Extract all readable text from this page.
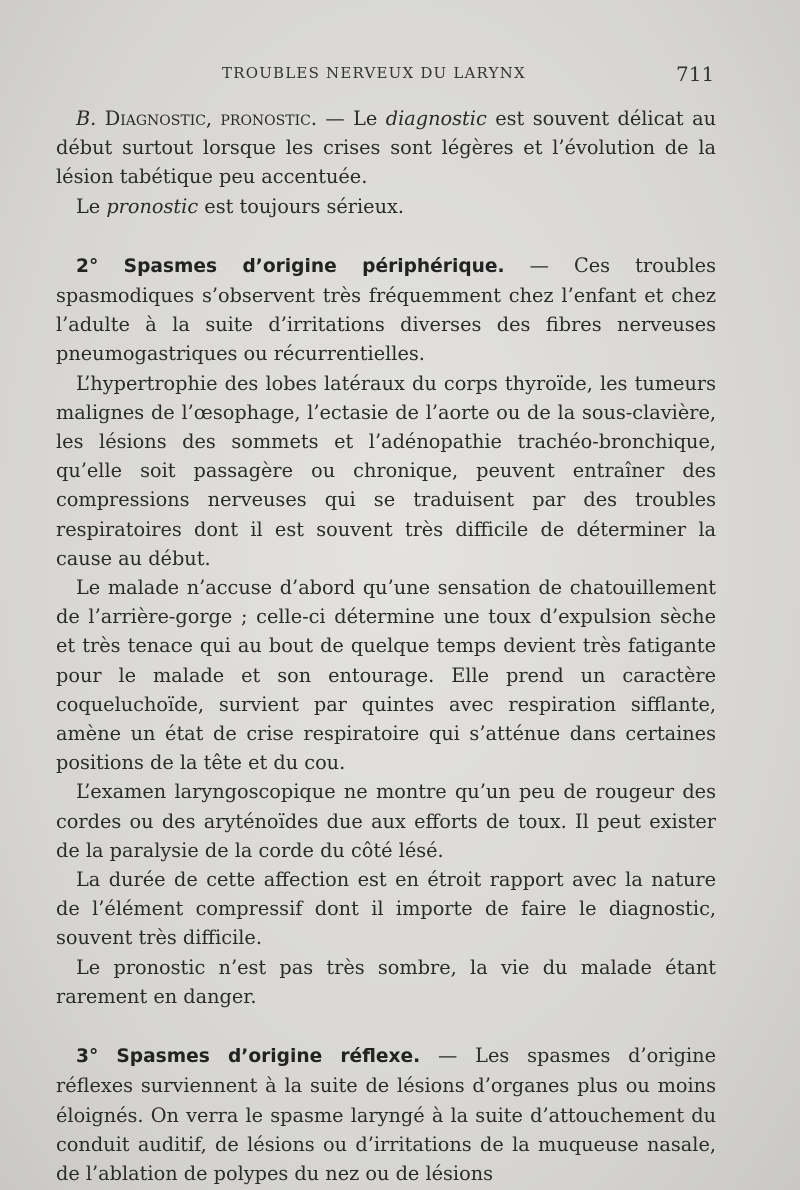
TROUBLES NERVEUX DU LARYNX	711

B. Diagnostic, pronostic. — Le diagnostic est souvent délicat au début surtout lorsque les crises sont légères et l’évolution de la lésion tabétique peu accentuée.

Le pronostic est toujours sérieux.

2° Spasmes d’origine périphérique. — Ces troubles spasmodiques s’observent très fréquemment chez l’enfant et chez l’adulte à la suite d’irritations diverses des fibres nerveuses pneumogastriques ou récurrentielles.

L’hypertrophie des lobes latéraux du corps thyroïde, les tumeurs malignes de l’œsophage, l’ectasie de l’aorte ou de la sous-clavière, les lésions des sommets et l’adénopathie trachéo-bronchique, qu’elle soit passagère ou chronique, peuvent entraîner des compressions nerveuses qui se traduisent par des troubles respiratoires dont il est souvent très difficile de déterminer la cause au début.

Le malade n’accuse d’abord qu’une sensation de chatouillement de l’arrière-gorge ; celle-ci détermine une toux d’expulsion sèche et très tenace qui au bout de quelque temps devient très fatigante pour le malade et son entourage. Elle prend un caractère coqueluchoïde, survient par quintes avec respiration sifflante, amène un état de crise respiratoire qui s’atténue dans certaines positions de la tête et du cou.

L’examen laryngoscopique ne montre qu’un peu de rougeur des cordes ou des aryténoïdes due aux efforts de toux. Il peut exister de la paralysie de la corde du côté lésé.

La durée de cette affection est en étroit rapport avec la nature de l’élément compressif dont il importe de faire le diagnostic, souvent très difficile.

Le pronostic n’est pas très sombre, la vie du malade étant rarement en danger.

3° Spasmes d’origine réflexe. — Les spasmes d’origine réflexes surviennent à la suite de lésions d’organes plus ou moins éloignés. On verra le spasme laryngé à la suite d’attouchement du conduit auditif, de lésions ou d’irritations de la muqueuse nasale, de l’ablation de polypes du nez ou de lésions
